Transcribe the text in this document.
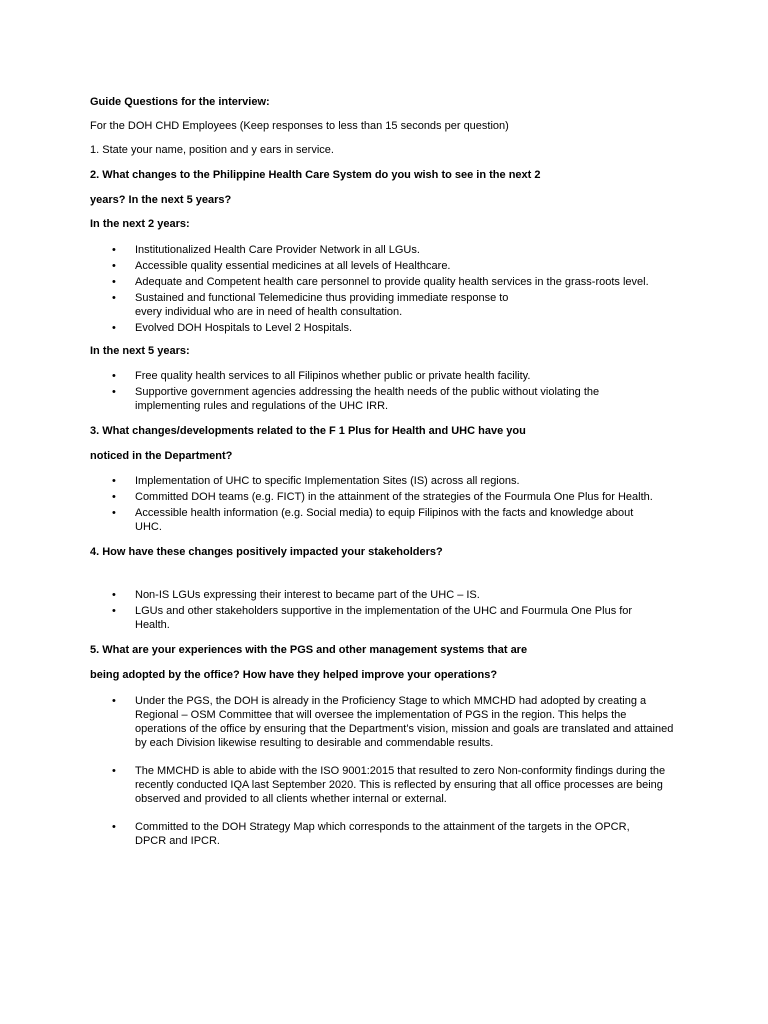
Guide Questions for the interview:
For the DOH CHD Employees (Keep responses to less than 15 seconds per question)
1. State your name, position and y ears in service.
2. What changes to the Philippine Health Care System do you wish to see in the next 2
years? In the next 5 years?
In the next 2 years:
• Institutionalized Health Care Provider Network in all LGUs.
• Accessible quality essential medicines at all levels of Healthcare.
• Adequate and Competent health care personnel to provide quality health services in the grass-roots level.
• Sustained and functional Telemedicine thus providing immediate response to every individual who are in need of health consultation.
• Evolved DOH Hospitals to Level 2 Hospitals.
In the next 5 years:
• Free quality health services to all Filipinos whether public or private health facility.
• Supportive government agencies addressing the health needs of the public without violating the implementing rules and regulations of the UHC IRR.
3. What changes/developments related to the F 1 Plus for Health and UHC have you
noticed in the Department?
• Implementation of UHC to specific Implementation Sites (IS) across all regions.
• Committed DOH teams (e.g. FICT) in the attainment of the strategies of the Fourmula One Plus for Health.
• Accessible health information (e.g. Social media) to equip Filipinos with the facts and knowledge about UHC.
4. How have these changes positively impacted your stakeholders?
• Non-IS LGUs expressing their interest to became part of the UHC – IS.
• LGUs and other stakeholders supportive in the implementation of the UHC and Fourmula One Plus for Health.
5. What are your experiences with the PGS and other management systems that are
being adopted by the office? How have they helped improve your operations?
• Under the PGS, the DOH is already in the Proficiency Stage to which MMCHD had adopted by creating a Regional – OSM Committee that will oversee the implementation of PGS in the region. This helps the operations of the office by ensuring that the Department’s vision, mission and goals are translated and attained by each Division likewise resulting to desirable and commendable results.
• The MMCHD is able to abide with the ISO 9001:2015 that resulted to zero Non-conformity findings during the recently conducted IQA last September 2020. This is reflected by ensuring that all office processes are being observed and provided to all clients whether internal or external.
• Committed to the DOH Strategy Map which corresponds to the attainment of the targets in the OPCR, DPCR and IPCR.
